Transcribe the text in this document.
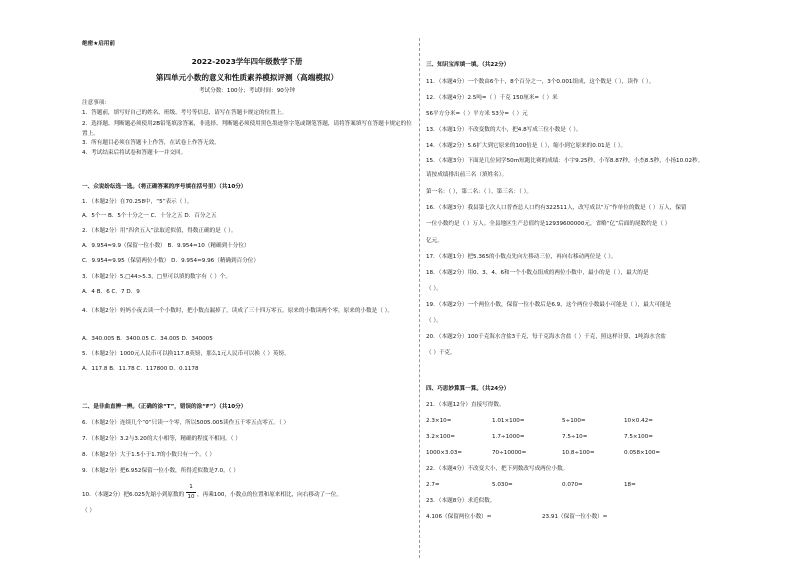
绝密★启用前
2022-2023学年四年级数学下册
第四单元小数的意义和性质素养模拟评测（高端模拟）
考试分数：100分；考试时间：90分钟
注意事项：
1．答题前，填写好自己的姓名、班级、考号等信息，请写在答题卡规定的位置上。
2．选择题、判断题必须使用2B铅笔填涂答案，非选择、判断题必须使用黑色墨迹签字笔或钢笔答题，请将答案填写在答题卡规定的位置上。
3．所有题目必须在答题卡上作答，在试卷上作答无效。
4．考试结束后将试卷和答题卡一并交回。
一、众说纷纭选一选。（将正确答案的序号填在括号里）（共10分）
1．（本题2分）在70.258中，“5”表示（ ）。
A．5个一 B．5个十分之一 C．十分之五 D．百分之五
2．（本题2分）用“四舍五入”法取近似值，得数正确的是（ ）。
A．9.954≈9.9（保留一位小数） B．9.954≈10（精确到十分位）
C．9.954≈9.95（保留两位小数） D．9.954≈9.96（精确到百分位）
3．（本题2分）5.□44>5.3，□里可以填的数字有（ ）个。
A．4 B．6 C．7 D．9
4．（本题2分）妈妈小夜去读一个小数时，把小数点漏掉了，读成了三十四万零五。原来的小数读两个零，原来的小数是（ ）。
A．340.005 B．3400.05 C．34.005 D．340005
5．（本题2分）1000元人民币可以换117.8英镑，那么1元人民币可以换（ ）英镑。
A．117.8 B．11.78 C．117800 D．0.1178
二、是非曲直辨一辨。（正确的涂“T”，错误的涂“F”）（共10分）
6．（本题2分）连续几个“0”只读一个零，所以5005.005读作五千零五点零五。（ ）
7．（本题2分）3.2与3.20的大小相等，精确的程度不相同。（ ）
8．（本题2分）大于1.5小于1.7的小数只有一个。（ ）
9．（本题2分）把6.952保留一位小数，所得近似数是7.0。（ ）
10．（本题2分）把6.025先缩小到原数的
1
10 ，再乘100，小数点的位置和原来相比，向右移动了一位。
（ ）
三、知识宝库填一填。（共22分）
11．（本题4分）一个数由6个十，8个百分之一，3个0.001组成，这个数是（ ），读作（ ）。
12．（本题4分）2.5吨=（ ）千克 150厘米=（ ）米
56平方分米=（ ）平方米 53分=（ ）元
13．（本题1分）不改变数的大小，把4.8写成三位小数是（ ）。
14．（本题2分）5.6扩大到它原来的100倍是（ ），缩小到它原来的0.01是（ ）。
15．（本题3分）下面是几位同学50m短跑比赛的成绩：小宇9.25秒，小军8.87秒，小杰8.5秒，小扬10.02秒。
请按成绩排出前三名（填姓名）。
第一名：（ ），第二名：（ ），第三名：（ ）。
16．（本题3分）我县第七次人口普查总人口约有322511人，改写成以“万”作单位的数是（ ）万人，保留
一位小数约是（ ）万人。全县地区生产总值约是12939600000元，省略“亿”后面的尾数约是（ ）
亿元。
17．（本题1分）把5.365的小数点先向左移动三位，再向右移动两位是（ ）。
18．（本题2分）用0、3、4、6和一个小数点组成的两位小数中，最小的是（ ），最大的是
（ ）。
19．（本题2分）一个两位小数，保留一位小数后是6.9，这个两位小数最小可能是（ ），最大可能是
（ ）。
20．（本题2分）100千克海水含盐3千克，每千克海水含盐（ ）千克，照这样计算，1吨海水含盐
（ ）千克。
四、巧思妙算算一算。（共24分）
21．（本题12分）直接写得数。
2.3×10=	1.01×100=	5÷100=	10×0.42=
3.2×100=	1.7÷1000=	7.5÷10=	7.5×100=
1000×3.03=	70÷10000=	10.8÷100=	0.058×100=
22．（本题4分）不改变大小，把下列数改写成两位小数。
2.7=	5.030=	0.070=	18=
23．（本题8分）求近似数。
4.106（保留两位小数）≈	23.91（保留一位小数）≈
